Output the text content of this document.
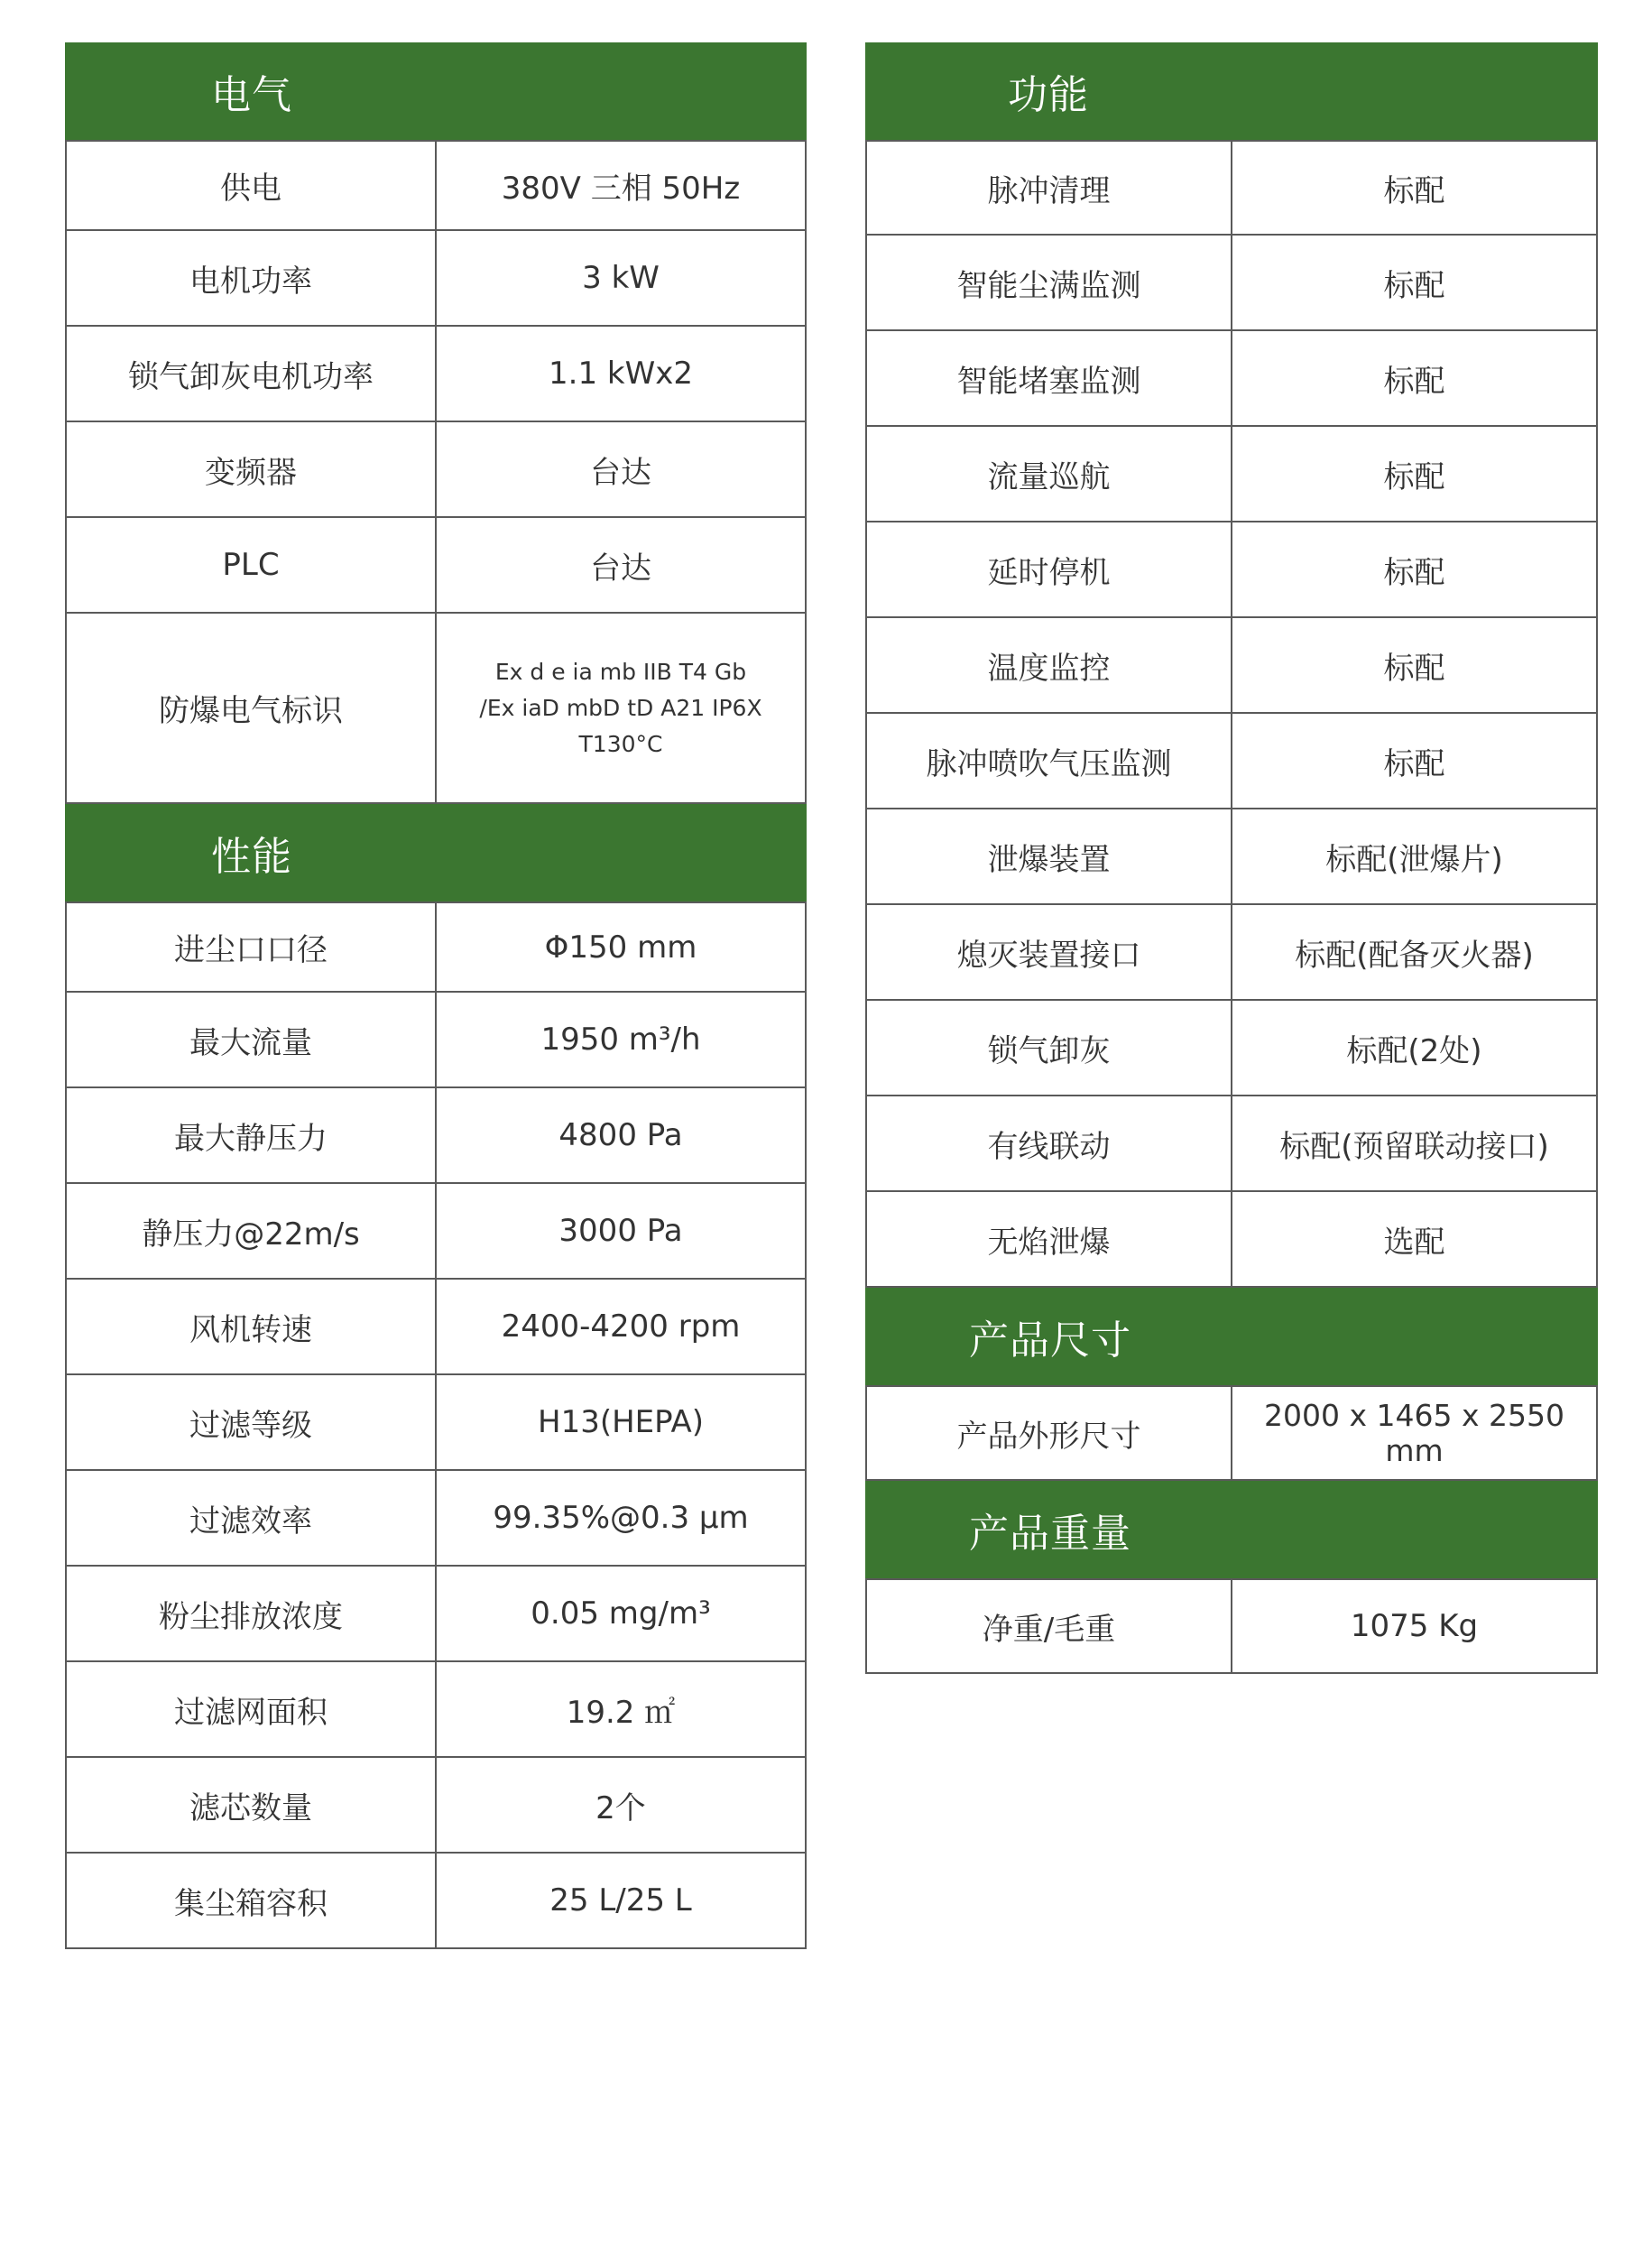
电气
供电	380V 三相 50Hz
电机功率	3 kW
锁气卸灰电机功率	1.1 kWx2
变频器	台达
PLC	台达
防爆电气标识	Ex d e ia mb IIB T4 Gb
/Ex iaD mbD tD A21 IP6X T130°C
性能
进尘口口径	Φ150 mm
最大流量	1950 m³/h
最大静压力	4800 Pa
静压力@22m/s	3000 Pa
风机转速	2400-4200 rpm
过滤等级	H13(HEPA)
过滤效率	99.35%@0.3 μm
粉尘排放浓度	0.05 mg/m³
过滤网面积	19.2 ㎡
滤芯数量	2个
集尘箱容积	25 L/25 L
功能
脉冲清理	标配
智能尘满监测	标配
智能堵塞监测	标配
流量巡航	标配
延时停机	标配
温度监控	标配
脉冲喷吹气压监测	标配
泄爆装置	标配(泄爆片)
熄灭装置接口	标配(配备灭火器)
锁气卸灰	标配(2处)
有线联动	标配(预留联动接口)
无焰泄爆	选配
产品尺寸
产品外形尺寸	2000 x 1465 x 2550 mm
产品重量
净重/毛重	1075 Kg
